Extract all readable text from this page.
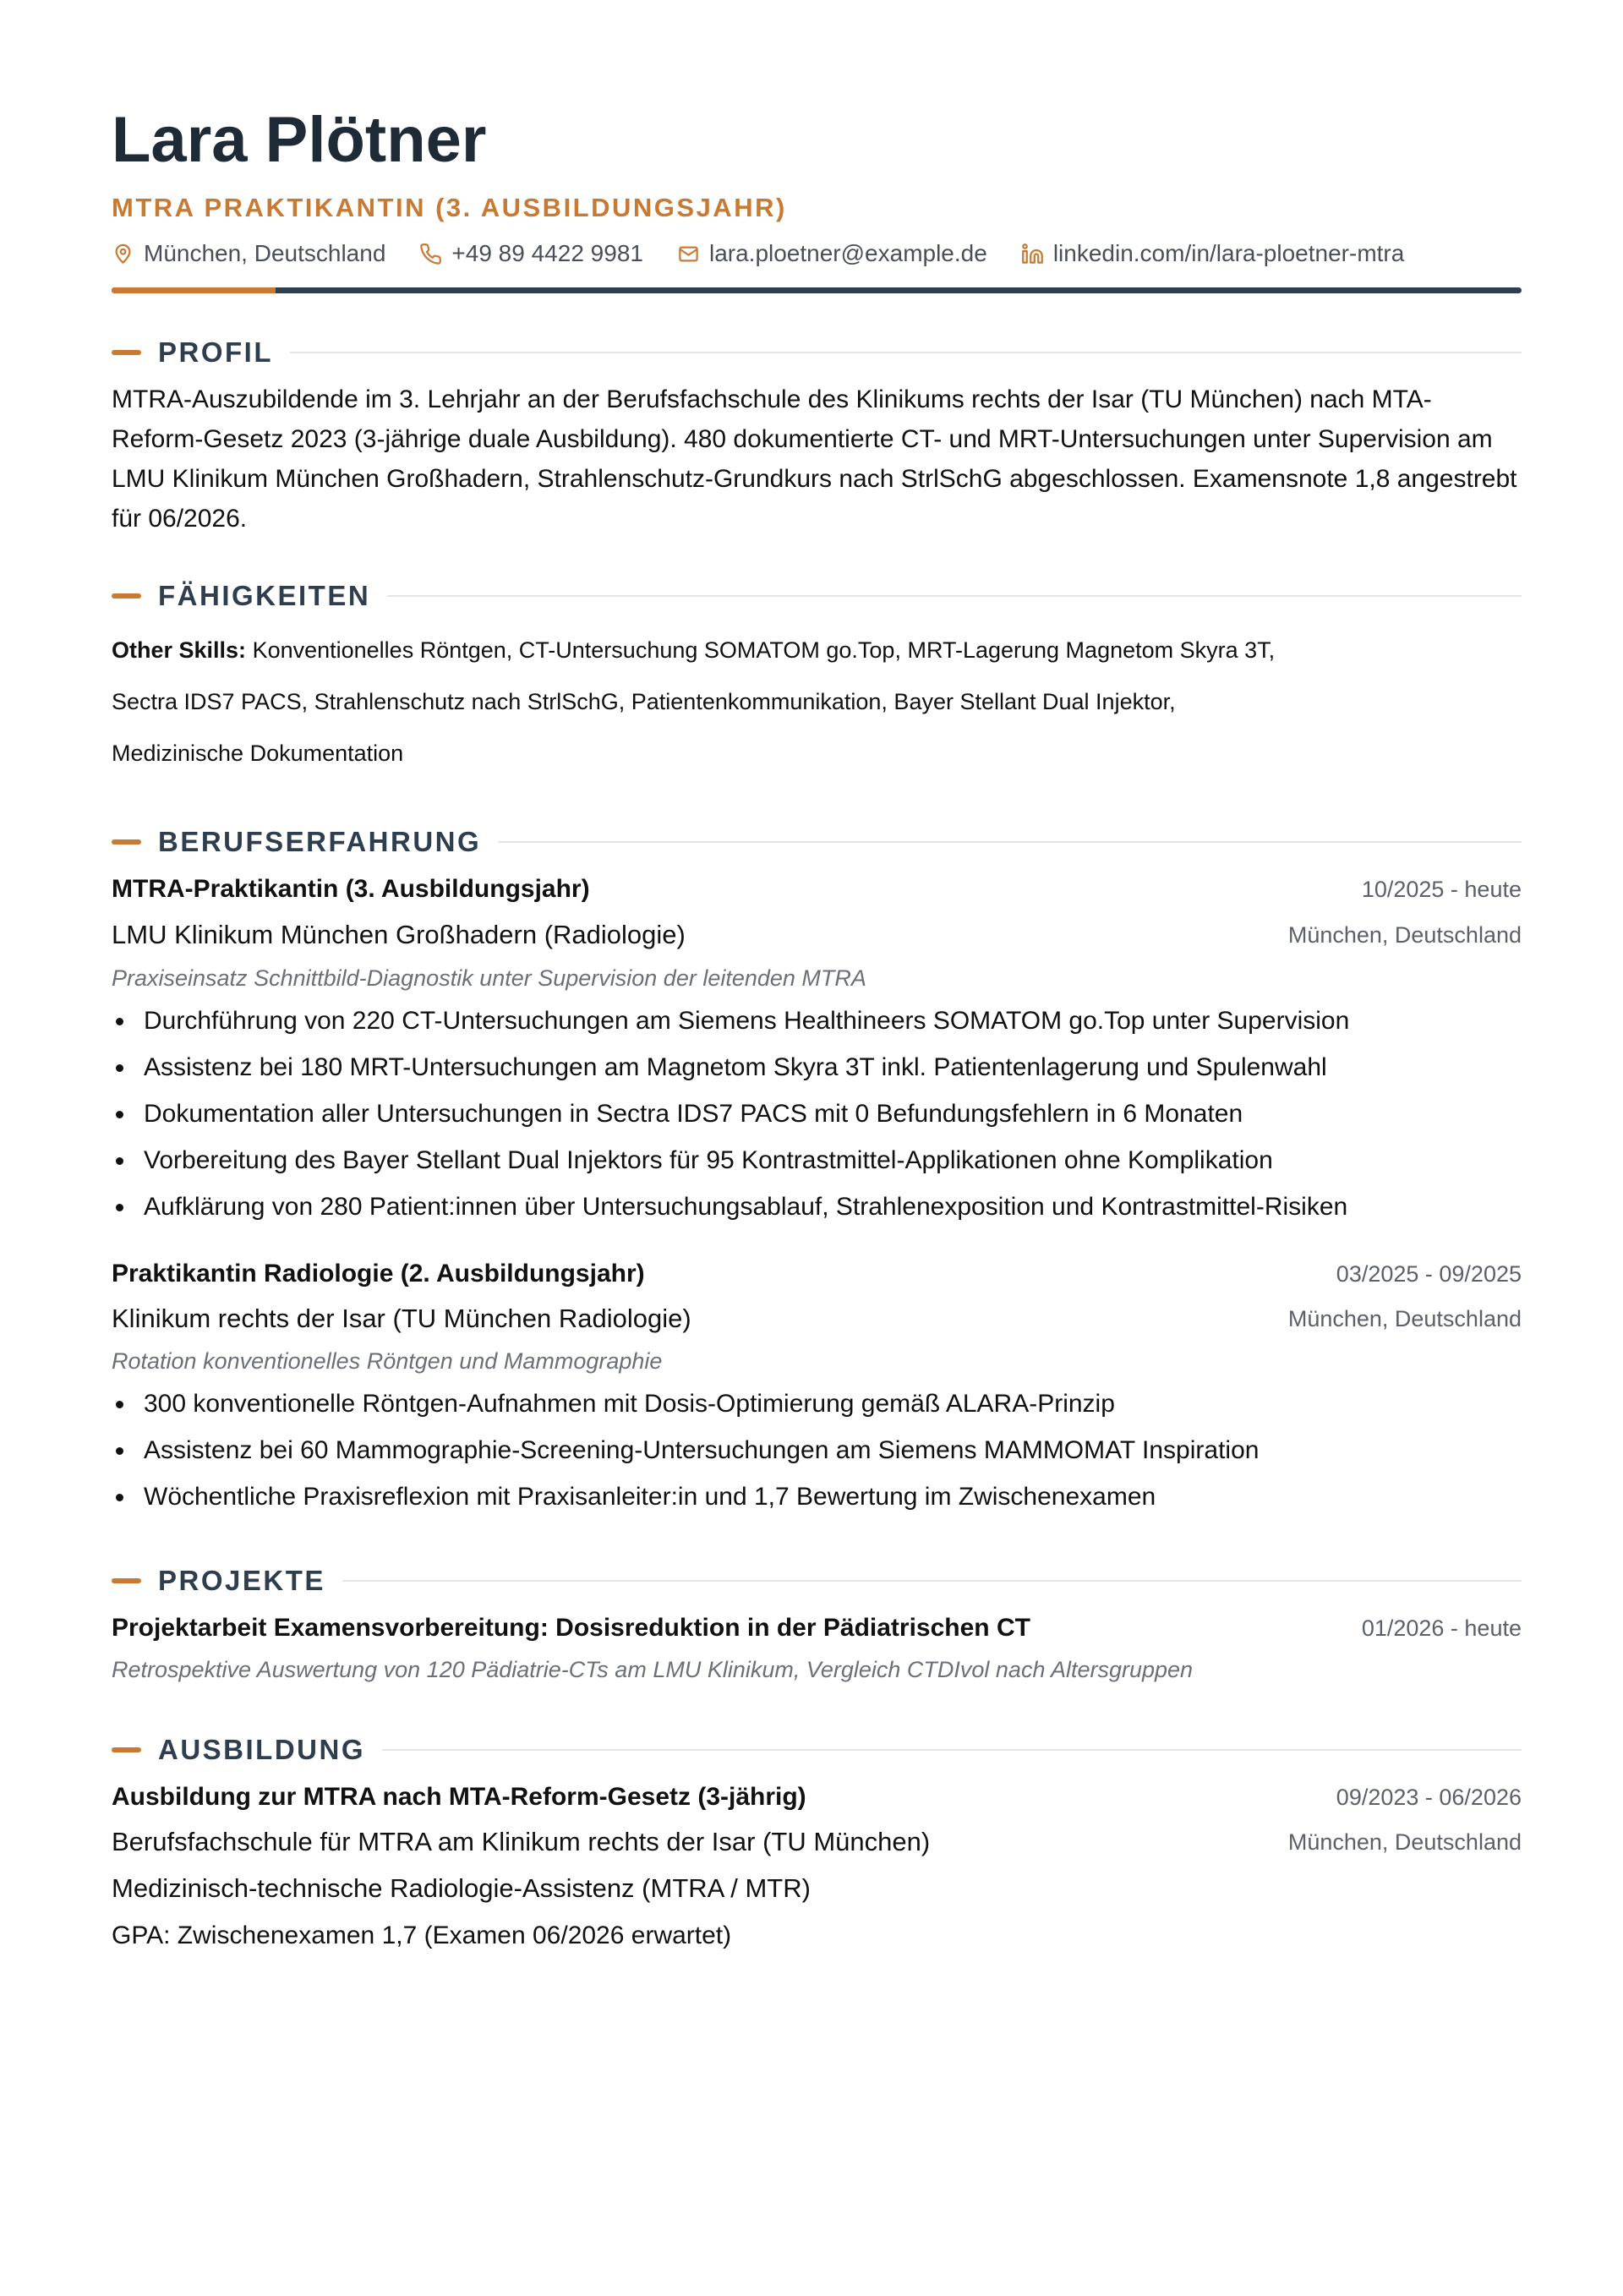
Lara Plötner
MTRA PRAKTIKANTIN (3. AUSBILDUNGSJAHR)
München, Deutschland	+49 89 4422 9981	lara.ploetner@example.de	linkedin.com/in/lara-ploetner-mtra
PROFIL

MTRA-Auszubildende im 3. Lehrjahr an der Berufsfachschule des Klinikums rechts der Isar (TU München) nach MTA-Reform-Gesetz 2023 (3-jährige duale Ausbildung). 480 dokumentierte CT- und MRT-Untersuchungen unter Supervision am LMU Klinikum München Großhadern, Strahlenschutz-Grundkurs nach StrlSchG abgeschlossen. Examensnote 1,8 angestrebt für 06/2026.

FÄHIGKEITEN
Other Skills: Konventionelles Röntgen, CT-Untersuchung SOMATOM go.Top, MRT-Lagerung Magnetom Skyra 3T,
Sectra IDS7 PACS, Strahlenschutz nach StrlSchG, Patientenkommunikation, Bayer Stellant Dual Injektor,
Medizinische Dokumentation
BERUFSERFAHRUNG
MTRA-Praktikantin (3. Ausbildungsjahr)	10/2025 - heute
LMU Klinikum München Großhadern (Radiologie)	München, Deutschland
Praxiseinsatz Schnittbild-Diagnostik unter Supervision der leitenden MTRA
Durchführung von 220 CT-Untersuchungen am Siemens Healthineers SOMATOM go.Top unter Supervision
Assistenz bei 180 MRT-Untersuchungen am Magnetom Skyra 3T inkl. Patientenlagerung und Spulenwahl
Dokumentation aller Untersuchungen in Sectra IDS7 PACS mit 0 Befundungsfehlern in 6 Monaten
Vorbereitung des Bayer Stellant Dual Injektors für 95 Kontrastmittel-Applikationen ohne Komplikation
Aufklärung von 280 Patient:innen über Untersuchungsablauf, Strahlenexposition und Kontrastmittel-Risiken
Praktikantin Radiologie (2. Ausbildungsjahr)	03/2025 - 09/2025
Klinikum rechts der Isar (TU München Radiologie)	München, Deutschland
Rotation konventionelles Röntgen und Mammographie
300 konventionelle Röntgen-Aufnahmen mit Dosis-Optimierung gemäß ALARA-Prinzip
Assistenz bei 60 Mammographie-Screening-Untersuchungen am Siemens MAMMOMAT Inspiration
Wöchentliche Praxisreflexion mit Praxisanleiter:in und 1,7 Bewertung im Zwischenexamen
PROJEKTE
Projektarbeit Examensvorbereitung: Dosisreduktion in der Pädiatrischen CT	01/2026 - heute
Retrospektive Auswertung von 120 Pädiatrie-CTs am LMU Klinikum, Vergleich CTDIvol nach Altersgruppen
AUSBILDUNG
Ausbildung zur MTRA nach MTA-Reform-Gesetz (3-jährig)	09/2023 - 06/2026
Berufsfachschule für MTRA am Klinikum rechts der Isar (TU München)	München, Deutschland
Medizinisch-technische Radiologie-Assistenz (MTRA / MTR)
GPA: Zwischenexamen 1,7 (Examen 06/2026 erwartet)
